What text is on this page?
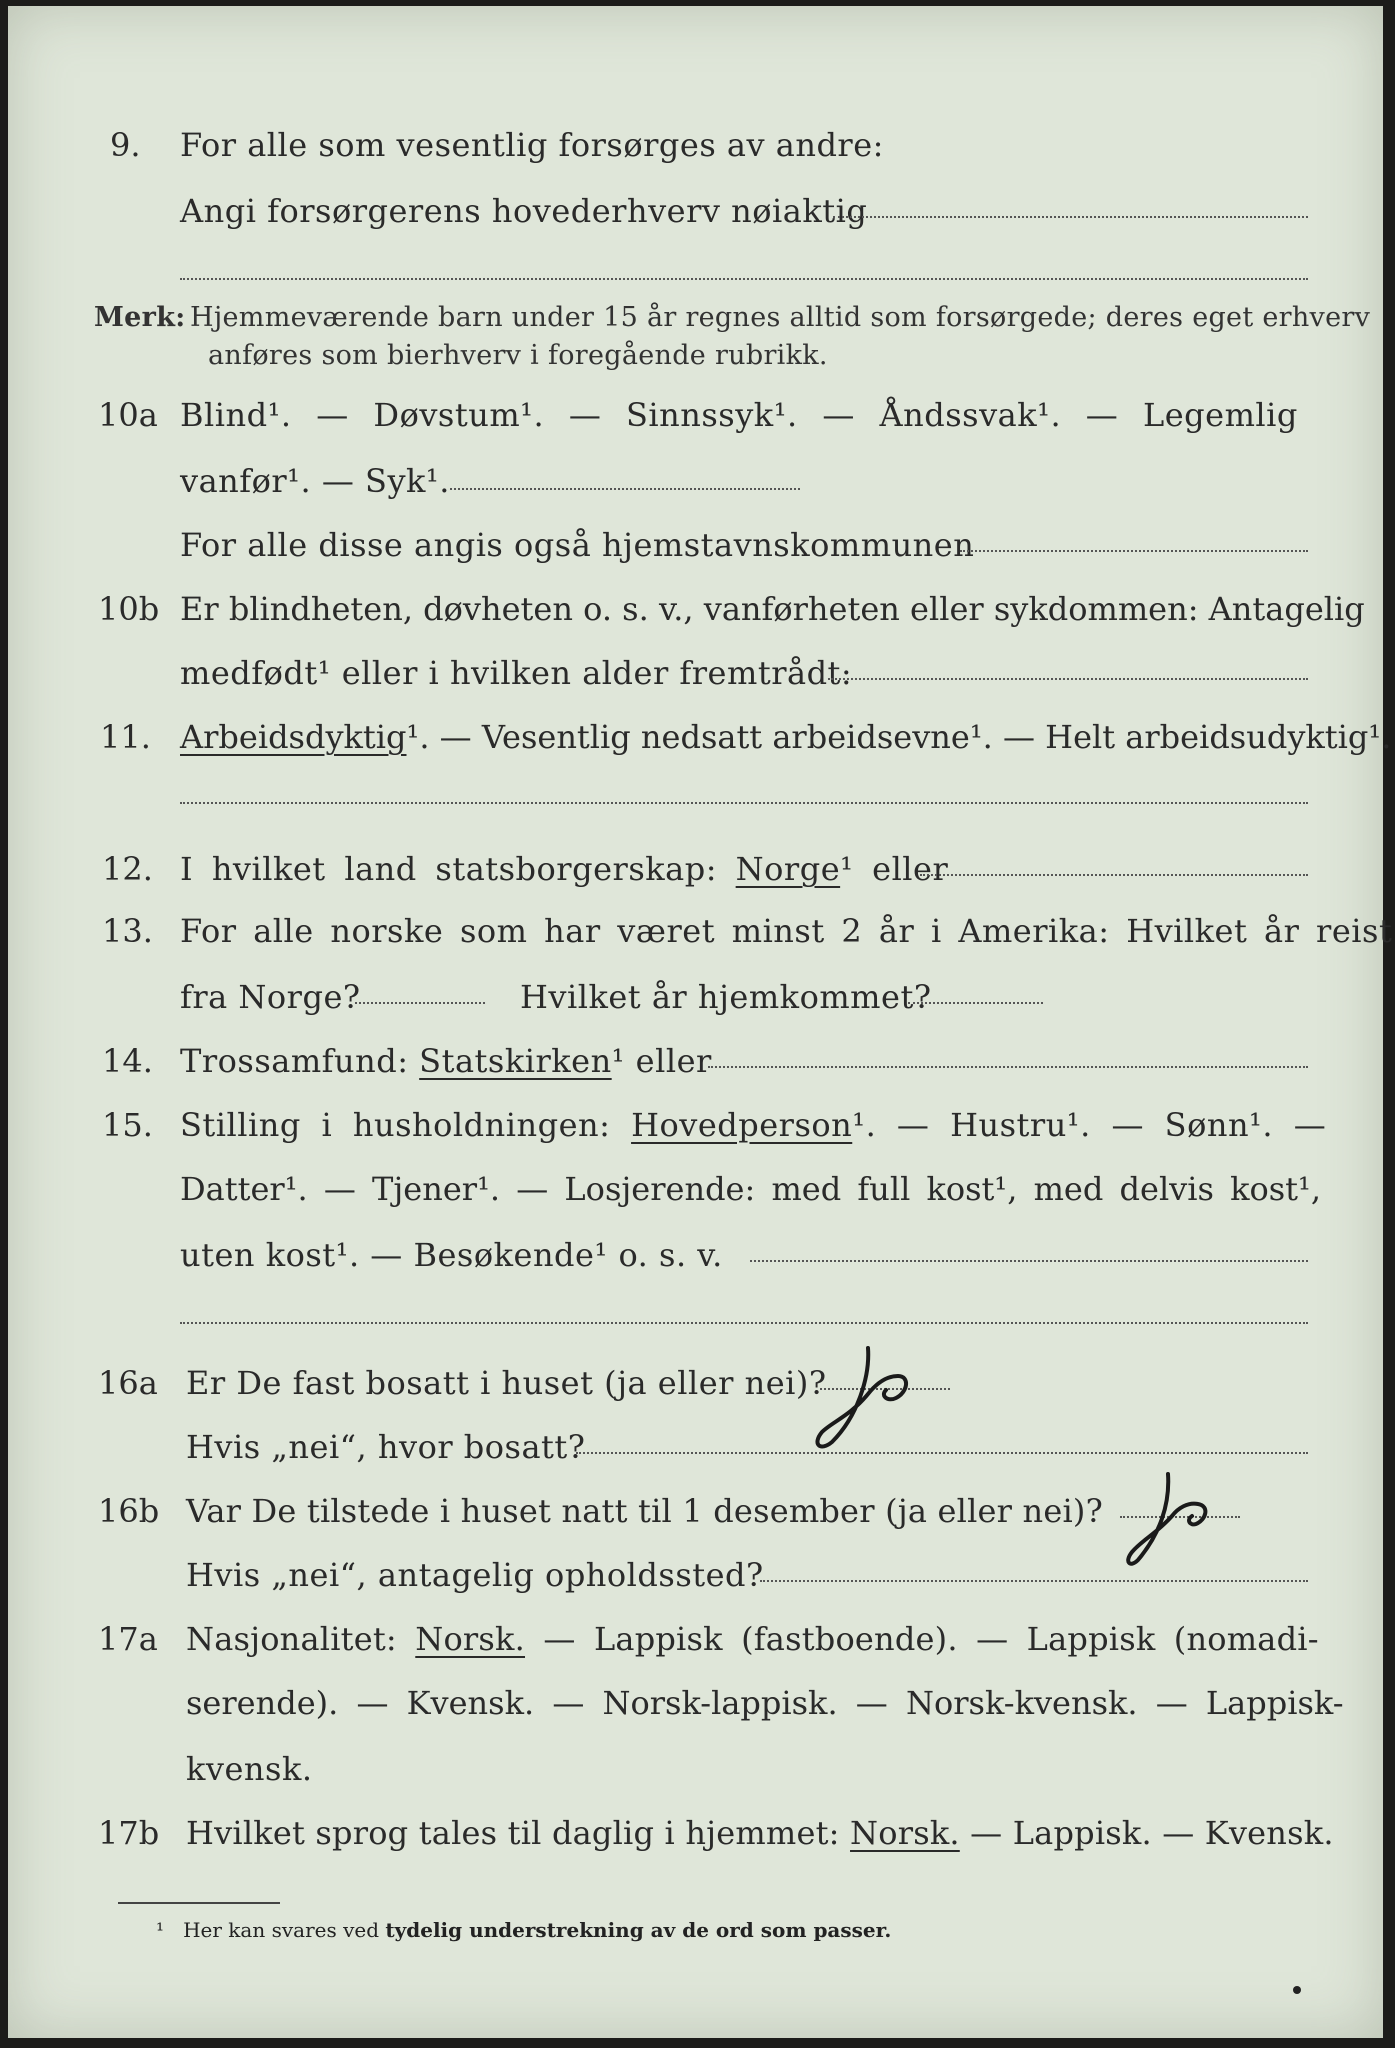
9. For alle som vesentlig forsørges av andre:
Angi forsørgerens hovederhverv nøiaktig
Merk: Hjemmeværende barn under 15 år regnes alltid som forsørgede; deres eget erhverv
anføres som bierhverv i foregående rubrikk.
10a Blind¹. — Døvstum¹. — Sinnssyk¹. — Åndssvak¹. — Legemlig
vanfør¹. — Syk¹.
For alle disse angis også hjemstavnskommunen
10b Er blindheten, døvheten o. s. v., vanførheten eller sykdommen: Antagelig
medfødt¹ eller i hvilken alder fremtrådt:
11. Arbeidsdyktig¹. — Vesentlig nedsatt arbeidsevne¹. — Helt arbeidsudyktig¹.
12. I hvilket land statsborgerskap: Norge¹ eller
13. For alle norske som har været minst 2 år i Amerika: Hvilket år reist
fra Norge?	Hvilket år hjemkommet?
14. Trossamfund: Statskirken¹ eller
15. Stilling i husholdningen: Hovedperson¹. — Hustru¹. — Sønn¹. —
Datter¹. — Tjener¹. — Losjerende: med full kost¹, med delvis kost¹,
uten kost¹. — Besøkende¹ o. s. v.
16a Er De fast bosatt i huset (ja eller nei)?
Ja
Hvis „nei“, hvor bosatt?
16b Var De tilstede i huset natt til 1 desember (ja eller nei)?
Ja
Hvis „nei“, antagelig opholdssted?
17a Nasjonalitet: Norsk. — Lappisk (fastboende). — Lappisk (nomadi-
serende). — Kvensk. — Norsk-lappisk. — Norsk-kvensk. — Lappisk-
kvensk.
17b Hvilket sprog tales til daglig i hjemmet: Norsk. — Lappisk. — Kvensk.
¹ Her kan svares ved tydelig understrekning av de ord som passer.
